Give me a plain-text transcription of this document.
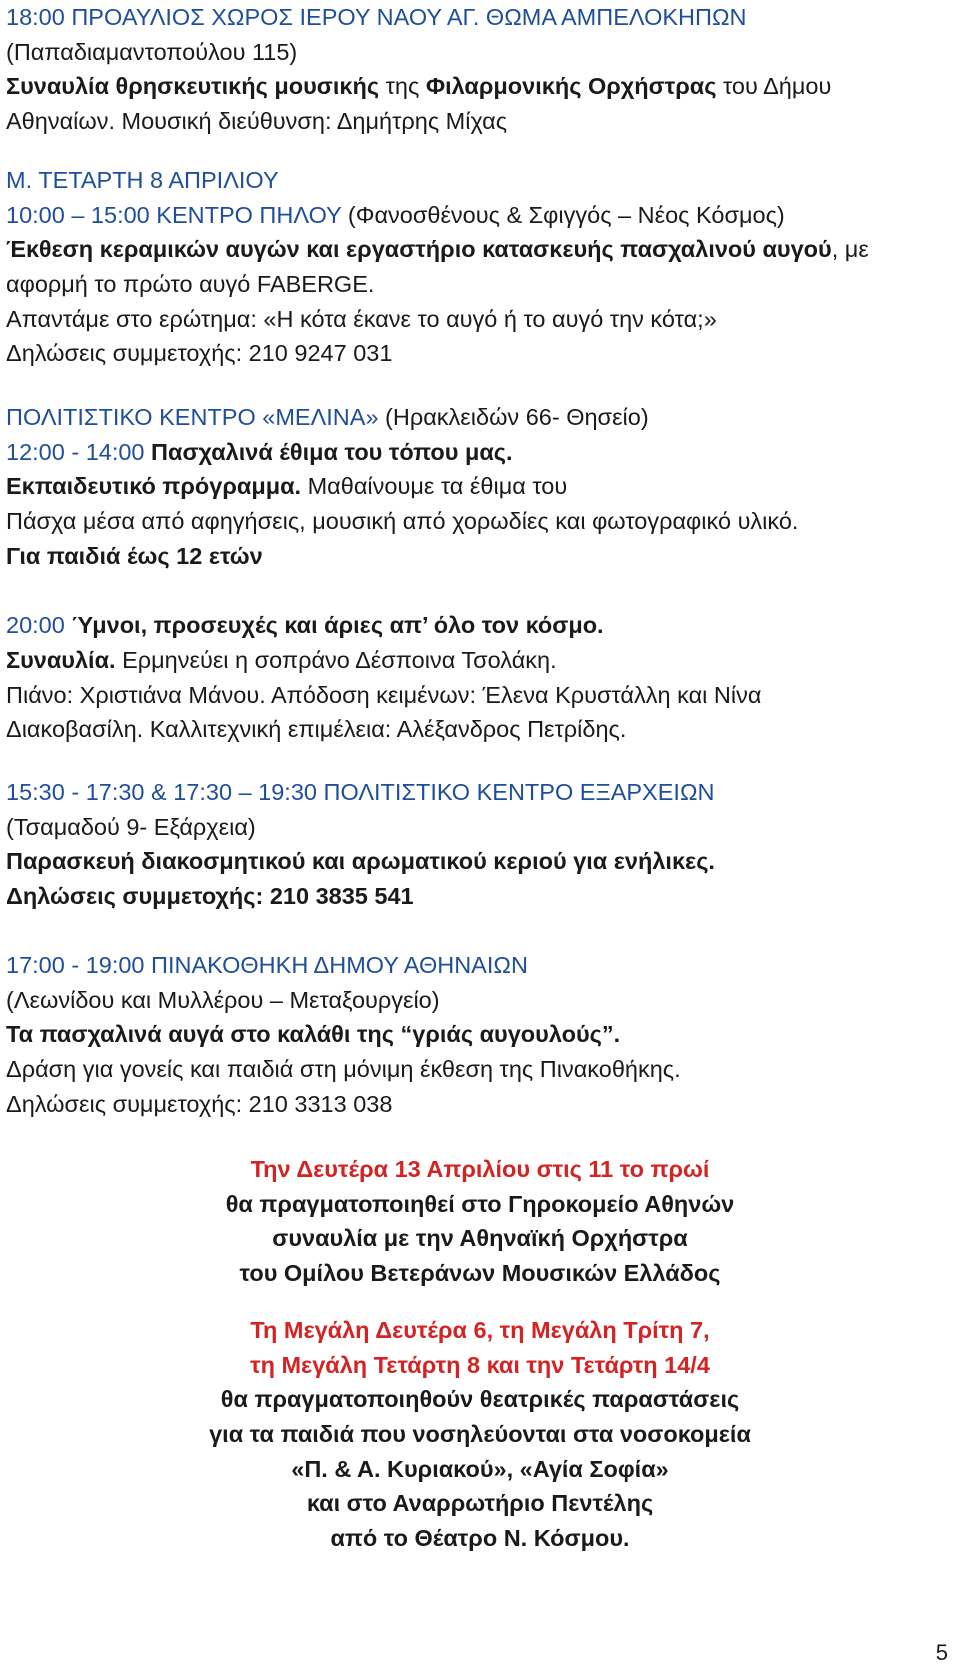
18:00 ΠΡΟΑΥΛΙΟΣ ΧΩΡΟΣ ΙΕΡΟΥ ΝΑΟΥ ΑΓ. ΘΩΜΑ ΑΜΠΕΛΟΚΗΠΩΝ
(Παπαδιαμαντοπούλου 115)
Συναυλία θρησκευτικής μουσικής της Φιλαρμονικής Ορχήστρας του Δήμου
Αθηναίων. Μουσική διεύθυνση: Δημήτρης Μίχας
Μ. ΤΕΤΑΡΤΗ 8 ΑΠΡΙΛΙΟΥ
10:00 – 15:00 ΚΕΝΤΡΟ ΠΗΛΟΥ (Φανοσθένους & Σφιγγός – Νέος Κόσμος)
Έκθεση κεραμικών αυγών και εργαστήριο κατασκευής πασχαλινού αυγού, με
αφορμή το πρώτο αυγό FABERGE.
Απαντάμε στο ερώτημα: «Η κότα έκανε το αυγό ή το αυγό την κότα;»
Δηλώσεις συμμετοχής: 210 9247 031
ΠΟΛΙΤΙΣΤΙΚΟ ΚΕΝΤΡΟ «ΜΕΛΙΝΑ» (Ηρακλειδών 66- Θησείο)
12:00 - 14:00 Πασχαλινά έθιμα του τόπου μας.
Εκπαιδευτικό πρόγραμμα. Μαθαίνουμε τα έθιμα του
Πάσχα μέσα από αφηγήσεις, μουσική από χορωδίες και φωτογραφικό υλικό.
Για παιδιά έως 12 ετών
20:00 Ύμνοι, προσευχές και άριες απ’ όλο τον κόσμο.
Συναυλία. Ερμηνεύει η σοπράνο Δέσποινα Τσολάκη.
Πιάνο: Χριστιάνα Μάνου. Απόδοση κειμένων: Έλενα Κρυστάλλη και Νίνα
Διακοβασίλη. Καλλιτεχνική επιμέλεια: Αλέξανδρος Πετρίδης.
15:30 - 17:30 & 17:30 – 19:30 ΠΟΛΙΤΙΣΤΙΚΟ ΚΕΝΤΡΟ ΕΞΑΡΧΕΙΩΝ
(Τσαμαδού 9- Εξάρχεια)
Παρασκευή διακοσμητικού και αρωματικού κεριού για ενήλικες.
Δηλώσεις συμμετοχής: 210 3835 541
17:00 - 19:00 ΠΙΝΑΚΟΘΗΚΗ ΔΗΜΟΥ ΑΘΗΝΑΙΩΝ
(Λεωνίδου και Μυλλέρου – Μεταξουργείο)
Τα πασχαλινά αυγά στο καλάθι της “γριάς αυγουλούς”.
Δράση για γονείς και παιδιά στη μόνιμη έκθεση της Πινακοθήκης.
Δηλώσεις συμμετοχής: 210 3313 038
Την Δευτέρα 13 Απριλίου στις 11 το πρωί
θα πραγματοποιηθεί στο Γηροκομείο Αθηνών
συναυλία με την Αθηναϊκή Ορχήστρα
του Ομίλου Βετεράνων Μουσικών Ελλάδος
Τη Μεγάλη Δευτέρα 6, τη Μεγάλη Τρίτη 7,
τη Μεγάλη Τετάρτη 8 και την Τετάρτη 14/4
θα πραγματοποιηθούν θεατρικές παραστάσεις
για τα παιδιά που νοσηλεύονται στα νοσοκομεία
«Π. & Α. Κυριακού», «Αγία Σοφία»
και στο Αναρρωτήριο Πεντέλης
από το Θέατρο Ν. Κόσμου.
5
